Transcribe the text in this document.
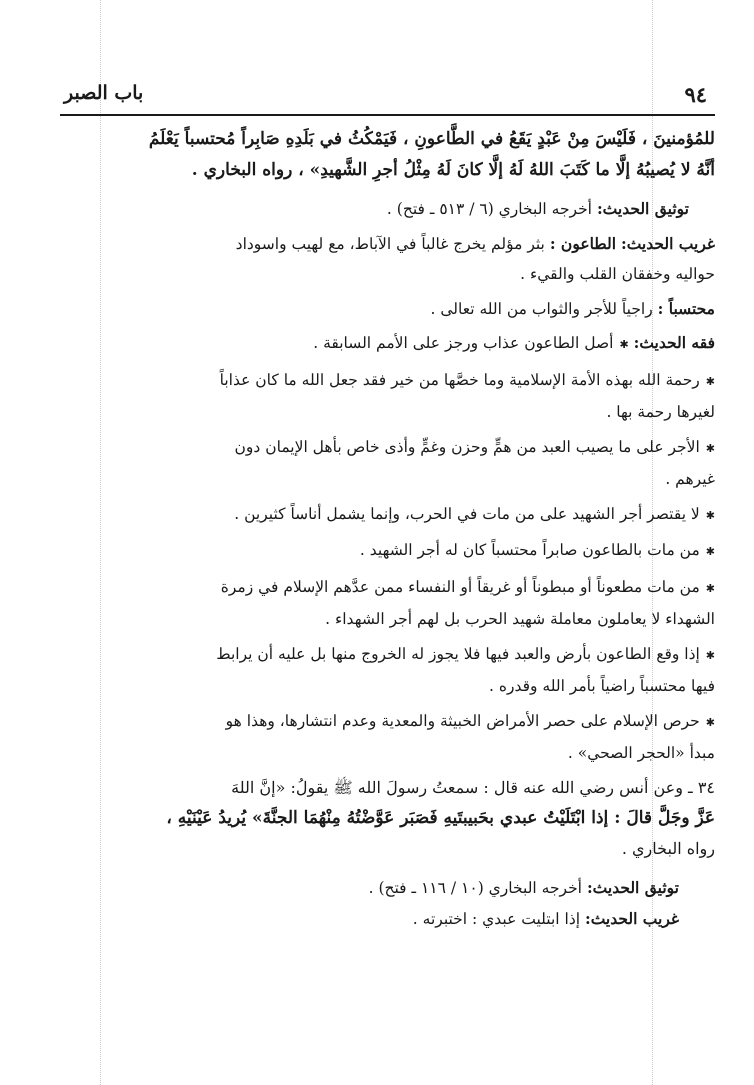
٩٤
باب الصبر

للمُؤمنينَ ، فَلَيْسَ مِنْ عَبْدٍ يَقَعُ في الطَّاعونِ ، فَيَمْكُثُ في بَلَدِهِ صَابِراً مُحتسباً يَعْلَمُ

أنَّهُ لا يُصيبُهُ إلَّا ما كَتَبَ اللهُ لَهُ إلَّا كانَ لَهُ مِثْلُ أجرِ الشَّهيدِ» ، رواه البخاري .

توثيق الحديث: أخرجه البخاري (٦ / ٥١٣ ـ فتح) .

غريب الحديث: الطاعون : بثر مؤلم يخرج غالباً في الآباط، مع لهيب واسوداد

حواليه وخفقان القلب والقيء .

محتسباً : راجياً للأجر والثواب من الله تعالى .

فقه الحديث: ✱ أصل الطاعون عذاب ورجز على الأمم السابقة .

✱ رحمة الله بهذه الأمة الإسلامية وما خصَّها من خير فقد جعل الله ما كان عذاباً

لغيرها رحمة بها .

✱ الأجر على ما يصيب العبد من همٍّ وحزن وغمٍّ وأذى خاص بأهل الإيمان دون

غيرهم .

✱ لا يقتصر أجر الشهيد على من مات في الحرب، وإنما يشمل أناساً كثيرين .

✱ من مات بالطاعون صابراً محتسباً كان له أجر الشهيد .

✱ من مات مطعوناً أو مبطوناً أو غريقاً أو النفساء ممن عدَّهم الإسلام في زمرة

الشهداء لا يعاملون معاملة شهيد الحرب بل لهم أجر الشهداء .

✱ إذا وقع الطاعون بأرض والعبد فيها فلا يجوز له الخروج منها بل عليه أن يرابط

فيها محتسباً راضياً بأمر الله وقدره .

✱ حرص الإسلام على حصر الأمراض الخبيثة والمعدية وعدم انتشارها، وهذا هو

مبدأ «الحجر الصحي» .

٣٤ ـ وعن أنس رضي الله عنه قال : سمعتُ رسولَ الله ﷺ يقولُ: «إنَّ اللهَ

عَزَّ وجَلَّ قالَ : إذا ابْتَلَيْتُ عبدي بحَبيبتَيهِ فَصَبَر عَوَّضْتُهُ مِنْهُمَا الجنَّةَ» يُريدُ عَيْنَيْهِ ،

رواه البخاري .

توثيق الحديث: أخرجه البخاري (١٠ / ١١٦ ـ فتح) .

غريب الحديث: إذا ابتليت عبدي : اختبرته .
